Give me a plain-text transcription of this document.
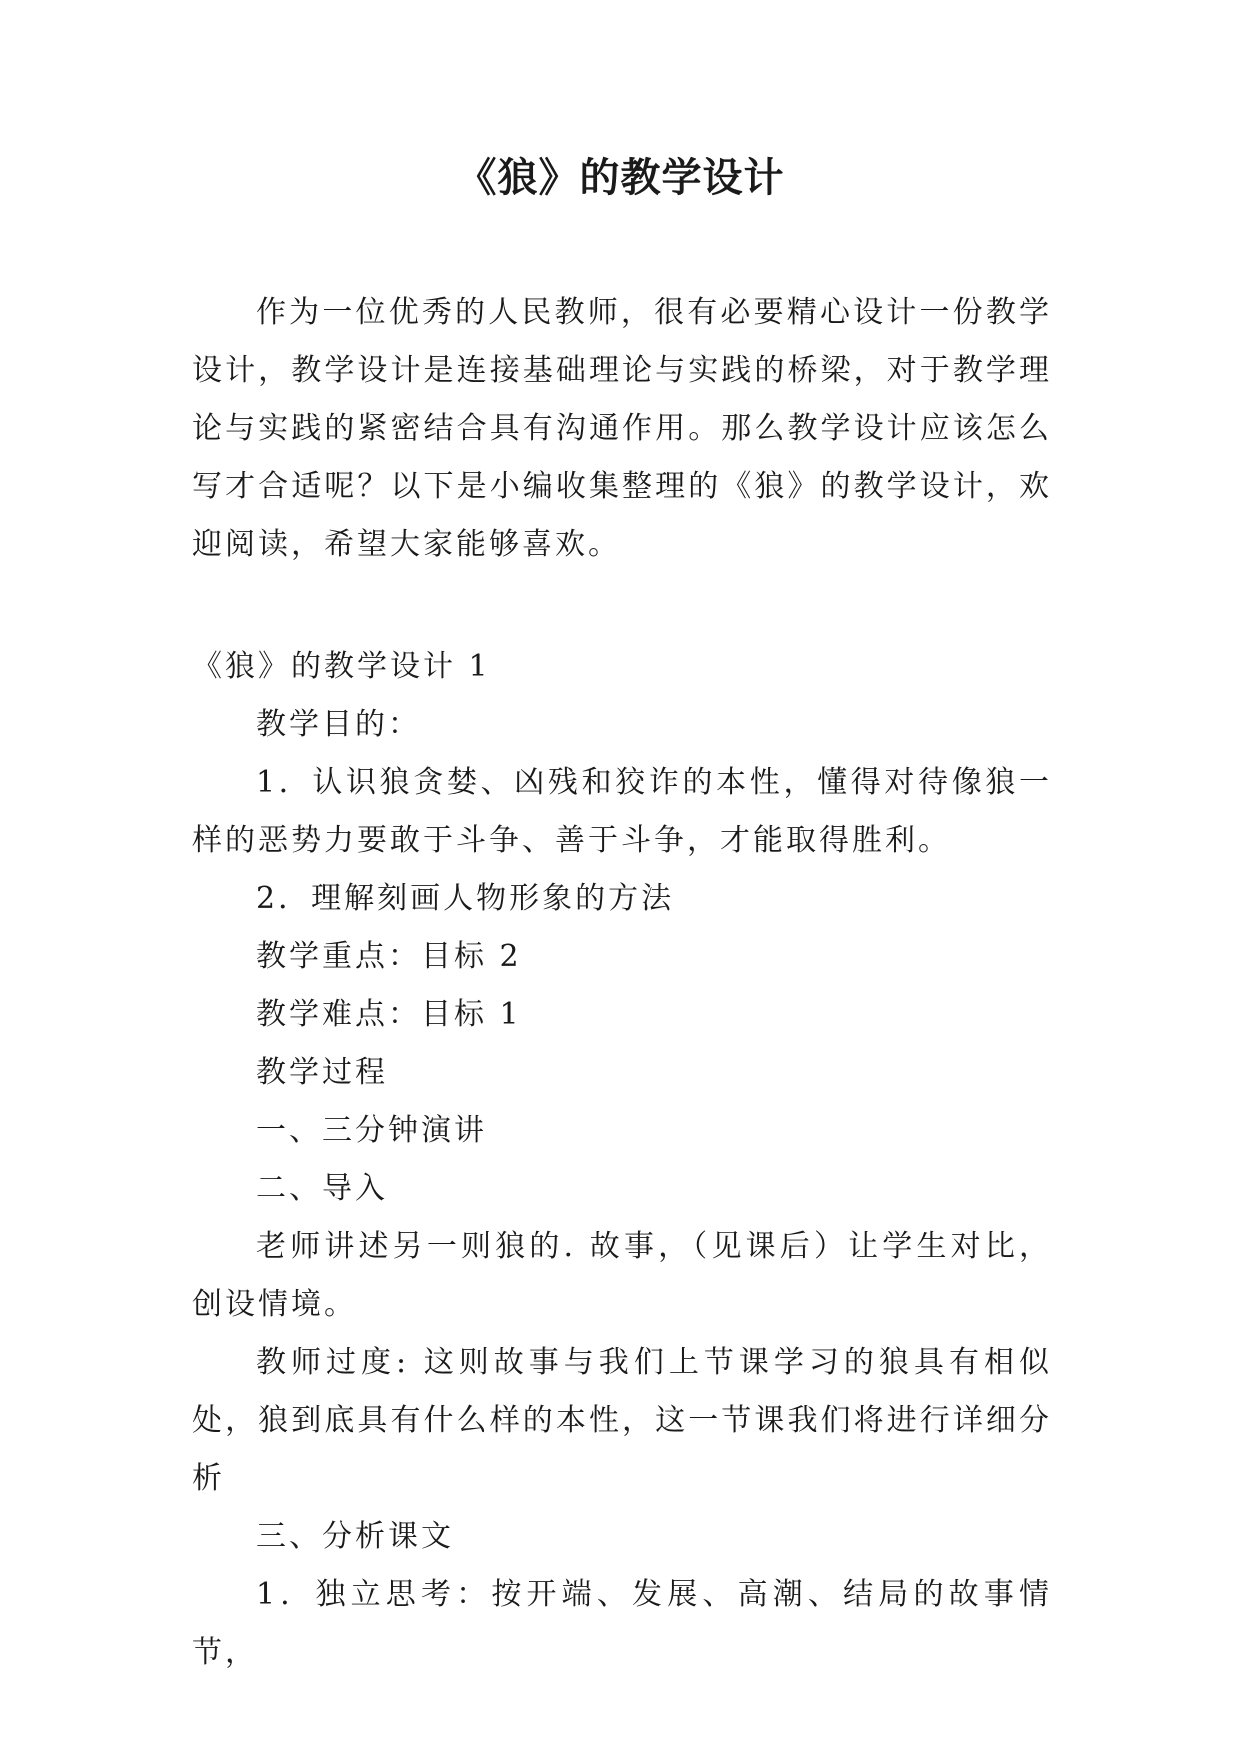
《狼》的教学设计

作为一位优秀的人民教师，很有必要精心设计一份教学设计，教学设计是连接基础理论与实践的桥梁，对于教学理论与实践的紧密结合具有沟通作用。那么教学设计应该怎么写才合适呢？以下是小编收集整理的《狼》的教学设计，欢迎阅读，希望大家能够喜欢。

《狼》的教学设计 1

教学目的：

1．认识狼贪婪、凶残和狡诈的本性，懂得对待像狼一样的恶势力要敢于斗争、善于斗争，才能取得胜利。

2．理解刻画人物形象的方法

教学重点：目标 2

教学难点：目标 1

教学过程

一、三分钟演讲

二、导入

老师讲述另一则狼的. 故事，（见课后）让学生对比，创设情境。

教师过度: 这则故事与我们上节课学习的狼具有相似处，狼到底具有什么样的本性，这一节课我们将进行详细分析

三、分析课文

1．独立思考：按开端、发展、高潮、结局的故事情节，
